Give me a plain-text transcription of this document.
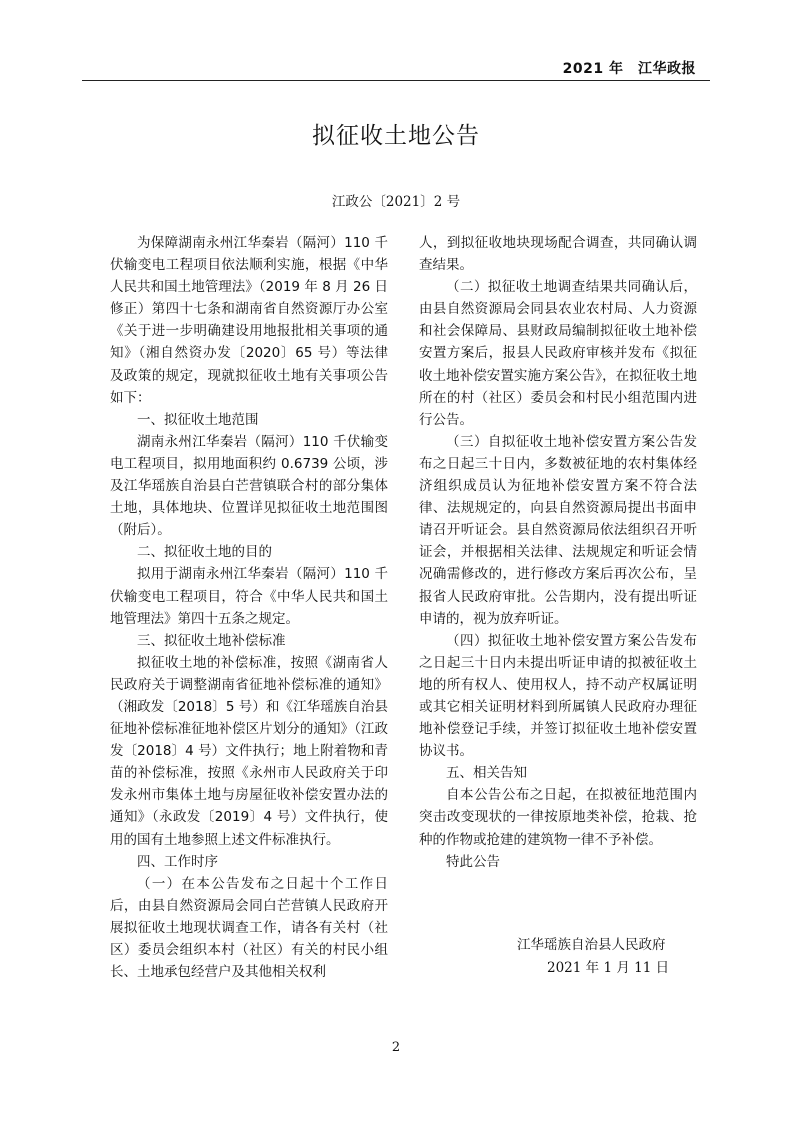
2021 年　江华政报
拟征收土地公告
江政公〔2021〕2 号

为保障湖南永州江华秦岩（隔河）110 千伏输变电工程项目依法顺利实施，根据《中华人民共和国土地管理法》（2019 年 8 月 26 日修正）第四十七条和湖南省自然资源厅办公室《关于进一步明确建设用地报批相关事项的通知》（湘自然资办发〔2020〕65 号）等法律及政策的规定，现就拟征收土地有关事项公告如下：

一、拟征收土地范围

湖南永州江华秦岩（隔河）110 千伏输变电工程项目，拟用地面积约 0.6739 公顷，涉及江华瑶族自治县白芒营镇联合村的部分集体土地，具体地块、位置详见拟征收土地范围图（附后）。

二、拟征收土地的目的

拟用于湖南永州江华秦岩（隔河）110 千伏输变电工程项目，符合《中华人民共和国土地管理法》第四十五条之规定。

三、拟征收土地补偿标准

拟征收土地的补偿标准，按照《湖南省人民政府关于调整湖南省征地补偿标准的通知》（湘政发〔2018〕5 号）和《江华瑶族自治县征地补偿标准征地补偿区片划分的通知》（江政发〔2018〕4 号）文件执行；地上附着物和青苗的补偿标准，按照《永州市人民政府关于印发永州市集体土地与房屋征收补偿安置办法的通知》（永政发〔2019〕4 号）文件执行，使用的国有土地参照上述文件标准执行。

四、工作时序

（一）在本公告发布之日起十个工作日后，由县自然资源局会同白芒营镇人民政府开展拟征收土地现状调查工作，请各有关村（社区）委员会组织本村（社区）有关的村民小组长、土地承包经营户及其他相关权利

人，到拟征收地块现场配合调查，共同确认调查结果。

（二）拟征收土地调查结果共同确认后，由县自然资源局会同县农业农村局、人力资源和社会保障局、县财政局编制拟征收土地补偿安置方案后，报县人民政府审核并发布《拟征收土地补偿安置实施方案公告》，在拟征收土地所在的村（社区）委员会和村民小组范围内进行公告。

（三）自拟征收土地补偿安置方案公告发布之日起三十日内，多数被征地的农村集体经济组织成员认为征地补偿安置方案不符合法律、法规规定的，向县自然资源局提出书面申请召开听证会。县自然资源局依法组织召开听证会，并根据相关法律、法规规定和听证会情况确需修改的，进行修改方案后再次公布，呈报省人民政府审批。公告期内，没有提出听证申请的，视为放弃听证。

（四）拟征收土地补偿安置方案公告发布之日起三十日内未提出听证申请的拟被征收土地的所有权人、使用权人，持不动产权属证明或其它相关证明材料到所属镇人民政府办理征地补偿登记手续，并签订拟征收土地补偿安置协议书。

五、相关告知

自本公告公布之日起，在拟被征地范围内突击改变现状的一律按原地类补偿，抢栽、抢种的作物或抢建的建筑物一律不予补偿。

特此公告

江华瑶族自治县人民政府
2021 年 1 月 11 日
2
